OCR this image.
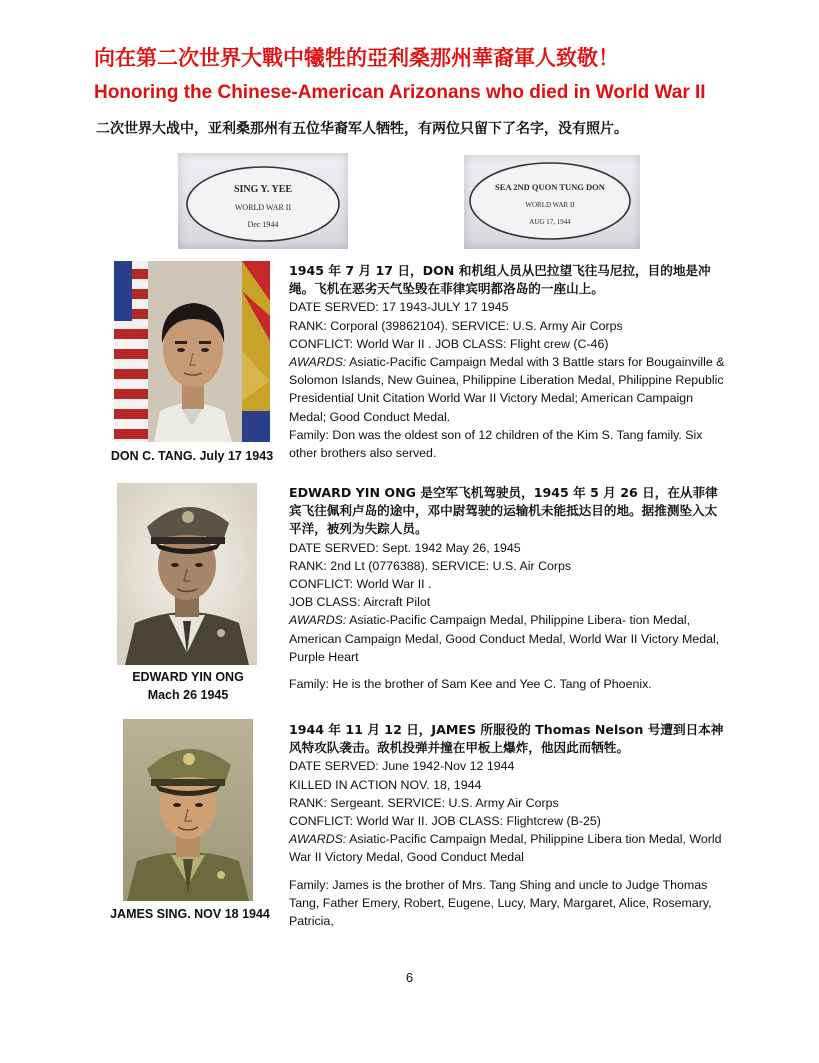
向在第二次世界大戰中犧牲的亞利桑那州華裔軍人致敬！
Honoring the Chinese-American Arizonans who died in World War II
二次世界大战中，亚利桑那州有五位华裔军人牺牲，有两位只留下了名字，没有照片。
SING Y. YEE
WORLD WAR II
Dec 1944
SEA 2ND QUON TUNG DON
WORLD WAR II
AUG 17, 1944
DON C. TANG. July 17 1943
1945 年 7 月 17 日，DON 和机组人员从巴拉望飞往马尼拉，目的地是冲绳。飞机在恶劣天气坠毁在菲律宾明都洛岛的一座山上。
DATE SERVED: 17 1943-JULY 17 1945
RANK: Corporal (39862104). SERVICE: U.S. Army Air Corps
CONFLICT: World War II . JOB CLASS: Flight crew (C-46)
AWARDS: Asiatic-Pacific Campaign Medal with 3 Battle stars for Bougainville & Solomon Islands, New Guinea, Philippine Liberation Medal, Philippine Republic Presidential Unit Citation World War II Victory Medal; American Campaign Medal; Good Conduct Medal.
Family: Don was the oldest son of 12 children of the Kim S. Tang family. Six other brothers also served.
EDWARD YIN ONG
Mach 26 1945
EDWARD YIN ONG 是空军飞机驾驶员，1945 年 5 月 26 日，在从菲律宾飞往佩利卢岛的途中，邓中尉驾驶的运输机未能抵达目的地。据推测坠入太平洋，被列为失踪人员。
DATE SERVED: Sept. 1942 May 26, 1945
RANK: 2nd Lt (0776388). SERVICE: U.S. Air Corps
CONFLICT: World War II .
JOB CLASS: Aircraft Pilot
AWARDS: Asiatic-Pacific Campaign Medal, Philippine Libera- tion Medal, American Campaign Medal, Good Conduct Medal, World War II Victory Medal, Purple Heart
Family: He is the brother of Sam Kee and Yee C. Tang of Phoenix.
JAMES SING. NOV 18 1944
1944 年 11 月 12 日，JAMES 所服役的 Thomas Nelson 号遭到日本神风特攻队袭击。敌机投弹并撞在甲板上爆炸，他因此而牺牲。
DATE SERVED: June 1942-Nov 12 1944
KILLED IN ACTION NOV. 18, 1944
RANK: Sergeant. SERVICE: U.S. Army Air Corps
CONFLICT: World War II. JOB CLASS: Flightcrew (B-25)
AWARDS: Asiatic-Pacific Campaign Medal, Philippine Libera tion Medal, World War II Victory Medal, Good Conduct Medal
Family: James is the brother of Mrs. Tang Shing and uncle to Judge Thomas Tang, Father Emery, Robert, Eugene, Lucy, Mary, Margaret, Alice, Rosemary, Patricia,
6
